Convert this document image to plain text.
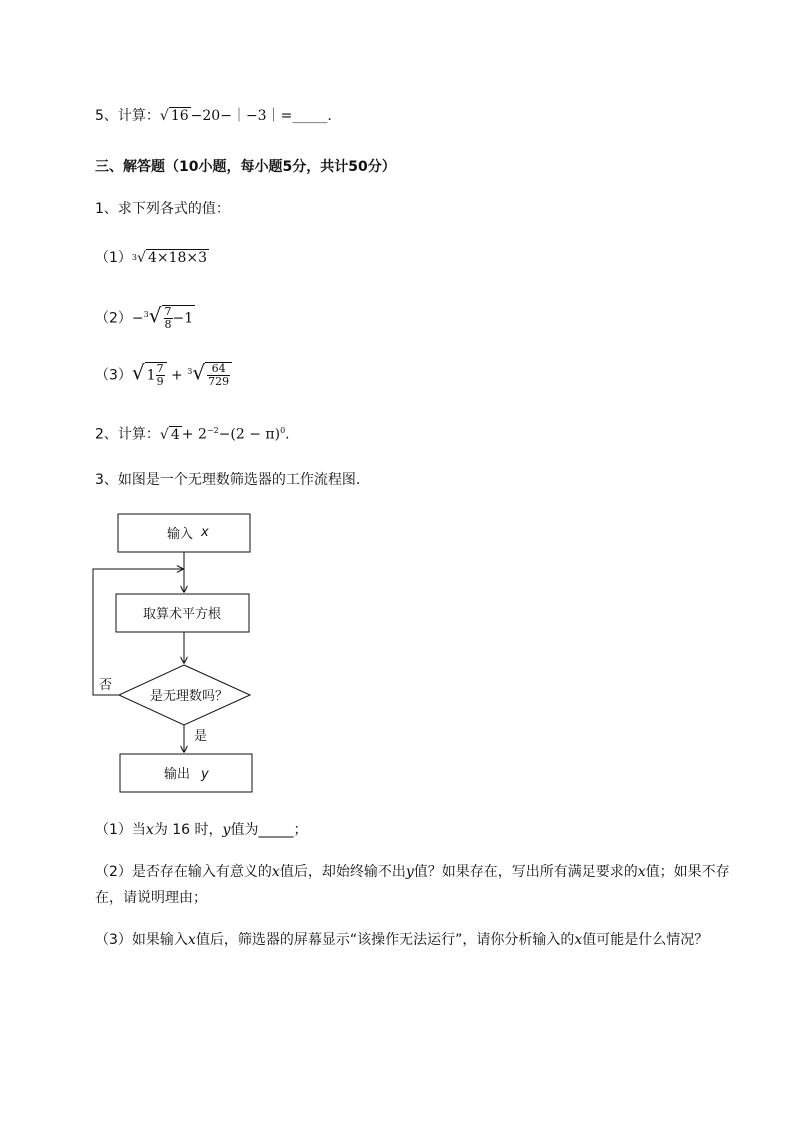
5、计算：√ 16 −20−｜−3｜=_____.
三、解答题（10小题，每小题5分，共计50分）
1、求下列各式的值：
$(1)^3√$ 4×18×3
$(2)-^3√ \frac{7}{8} -1$
（3）√ $1 \frac{7}{9} + ^3√ \frac{64}{729}$
2、计算：√ $4 + 2^{-2}-(2 - \pi)^0$.
3、如图是一个无理数筛选器的工作流程图.
输入 x
取算术平方根
是无理数吗？
否
是
输出 y
（1）当x为 16 时，y值为_____；
（2）是否存在输入有意义的x值后，却始终输不出y值？如果存在，写出所有满足要求的x值；如果不存在，请说明理由；
（3）如果输入x值后，筛选器的屏幕显示“该操作无法运行”，请你分析输入的x值可能是什么情况？
